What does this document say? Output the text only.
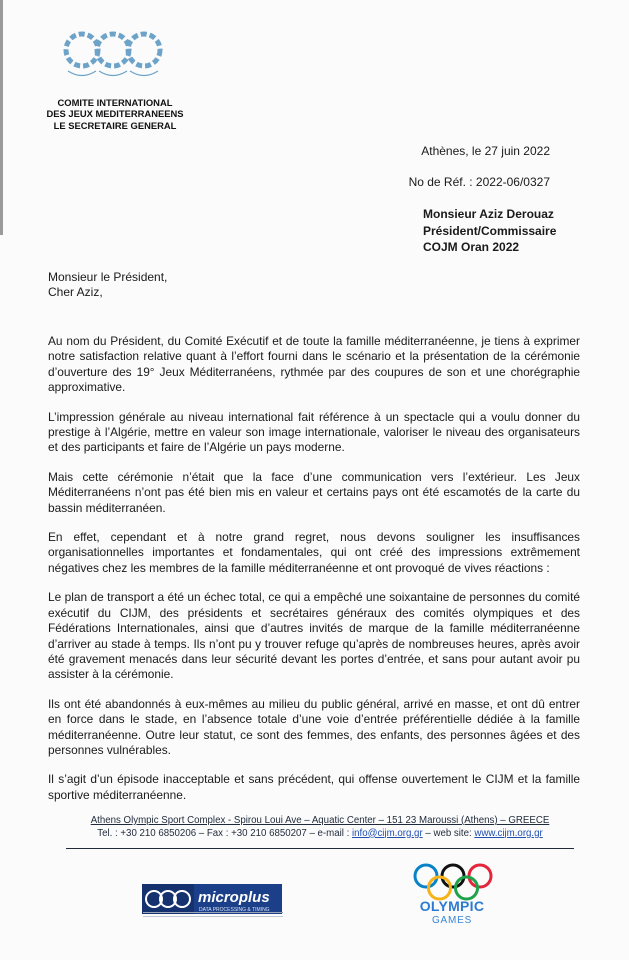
COMITE INTERNATIONAL
DES JEUX MEDITERRANEENS
LE SECRETAIRE GENERAL
Athènes, le 27 juin 2022
No de Réf. : 2022-06/0327
Monsieur Aziz Derouaz
Président/Commissaire
COJM Oran 2022
Monsieur le Président,
Cher Aziz,

Au nom du Président, du Comité Exécutif et de toute la famille méditerranéenne, je tiens à exprimer notre satisfaction relative quant à l’effort fourni dans le scénario et la présentation de la cérémonie d’ouverture des 19° Jeux Méditerranéens, rythmée par des coupures de son et une chorégraphie approximative.

L’impression générale au niveau international fait référence à un spectacle qui a voulu donner du prestige à l’Algérie, mettre en valeur son image internationale, valoriser le niveau des organisateurs et des participants et faire de l’Algérie un pays moderne.

Mais cette cérémonie n’était que la face d’une communication vers l’extérieur. Les Jeux Méditerranéens n’ont pas été bien mis en valeur et certains pays ont été escamotés de la carte du bassin méditerranéen.

En effet, cependant et à notre grand regret, nous devons souligner les insuffisances organisationnelles importantes et fondamentales, qui ont créé des impressions extrêmement négatives chez les membres de la famille méditerranéenne et ont provoqué de vives réactions :

Le plan de transport a été un échec total, ce qui a empêché une soixantaine de personnes du comité exécutif du CIJM, des présidents et secrétaires généraux des comités olympiques et des Fédérations Internationales, ainsi que d’autres invités de marque de la famille méditerranéenne d’arriver au stade à temps. Ils n’ont pu y trouver refuge qu’après de nombreuses heures, après avoir été gravement menacés dans leur sécurité devant les portes d’entrée, et sans pour autant avoir pu assister à la cérémonie.

Ils ont été abandonnés à eux-mêmes au milieu du public général, arrivé en masse, et ont dû entrer en force dans le stade, en l’absence totale d’une voie d’entrée préférentielle dédiée à la famille méditerranéenne. Outre leur statut, ce sont des femmes, des enfants, des personnes âgées et des personnes vulnérables.

Il s’agit d’un épisode inacceptable et sans précédent, qui offense ouvertement le CIJM et la famille sportive méditerranéenne.

Athens Olympic Sport Complex - Spirou Loui Ave – Aquatic Center – 151 23 Maroussi (Athens) – GREECE
Tel. : +30 210 6850206 – Fax : +30 210 6850207 – e-mail : info@cijm.org.gr – web site: www.cijm.org.gr
microplus
DATA PROCESSING & TIMING	OLYMPIC
GAMES
